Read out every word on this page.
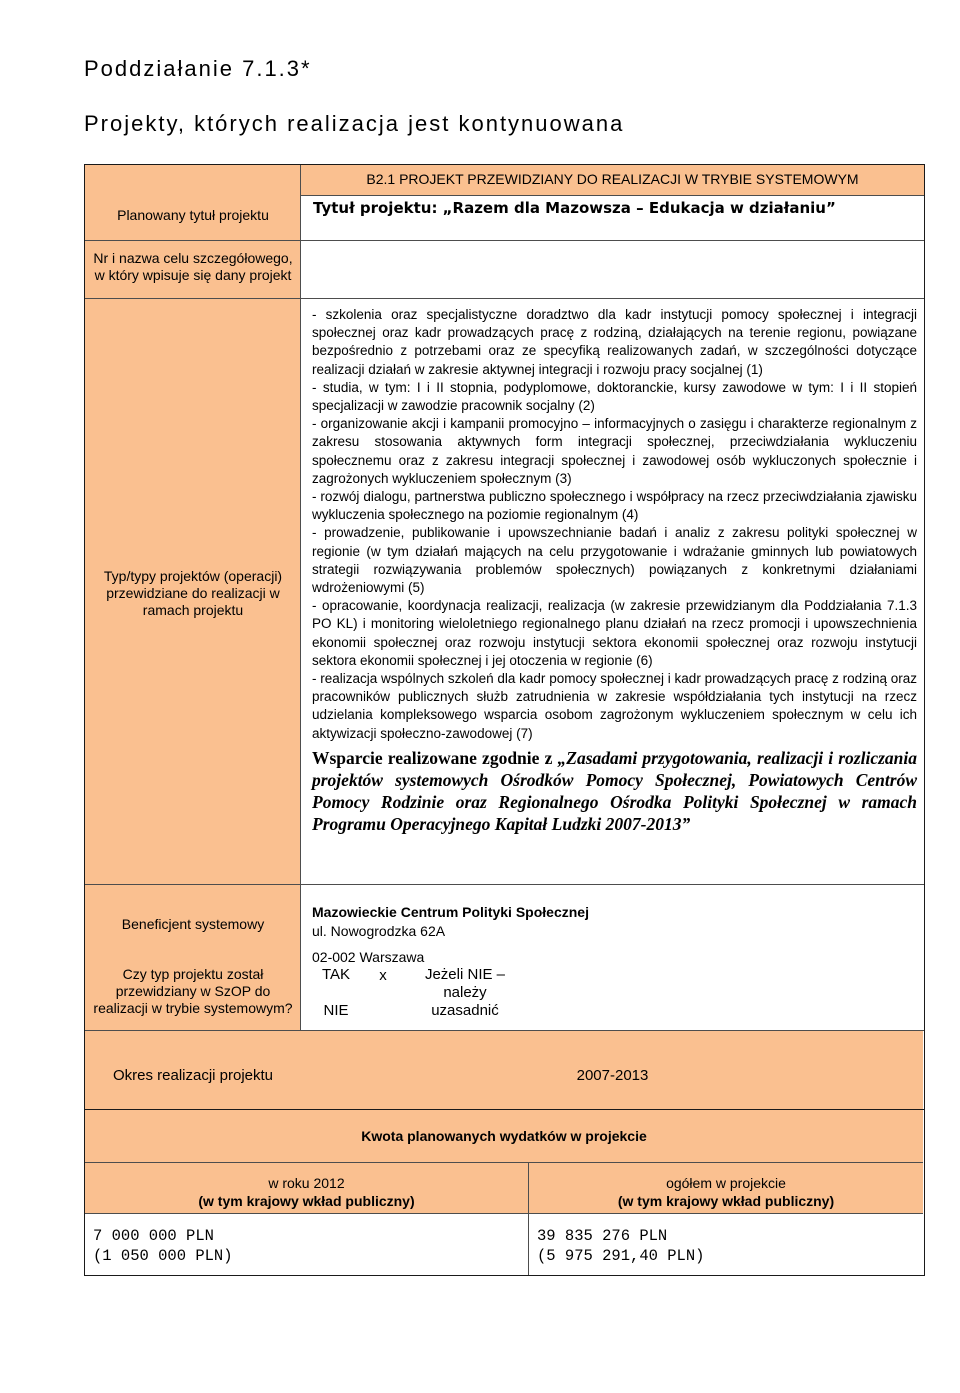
Poddziałanie 7.1.3*
Projekty, których realizacja jest kontynuowana
B2.1 PROJEKT PRZEWIDZIANY DO REALIZACJI W TRYBIE SYSTEMOWYM
Planowany tytuł projektu
Nr i nazwa celu szczegółowego, w który wpisuje się dany projekt
Typ/typy projektów (operacji) przewidziane do realizacji w ramach projektu
Beneficjent systemowy
Czy typ projektu został przewidziany w SzOP do realizacji w trybie systemowym?
Tytuł projektu: „Razem dla Mazowsza – Edukacja w działaniu”
- szkolenia oraz specjalistyczne doradztwo dla kadr instytucji pomocy społecznej i integracji społecznej oraz kadr prowadzących pracę z rodziną, działających na terenie regionu, powiązane bezpośrednio z potrzebami oraz ze specyfiką realizowanych zadań, w szczególności dotyczące realizacji działań w zakresie aktywnej integracji i rozwoju pracy socjalnej (1)
- studia, w tym: I i II stopnia, podyplomowe, doktoranckie, kursy zawodowe w tym: I i II stopień specjalizacji w zawodzie pracownik socjalny (2)
- organizowanie akcji i kampanii promocyjno – informacyjnych o zasięgu i charakterze regionalnym z zakresu stosowania aktywnych form integracji społecznej, przeciwdziałania wykluczeniu społecznemu oraz z zakresu integracji społecznej i zawodowej osób wykluczonych społecznie i zagrożonych wykluczeniem społecznym (3)
- rozwój dialogu, partnerstwa publiczno społecznego i współpracy na rzecz przeciwdziałania zjawisku wykluczenia społecznego na poziomie regionalnym (4)
- prowadzenie, publikowanie i upowszechnianie badań i analiz z zakresu polityki społecznej w regionie (w tym działań mających na celu przygotowanie i wdrażanie gminnych lub powiatowych strategii rozwiązywania problemów społecznych) powiązanych z konkretnymi działaniami wdrożeniowymi (5)
- opracowanie, koordynacja realizacji, realizacja (w zakresie przewidzianym dla Poddziałania 7.1.3 PO KL) i monitoring wieloletniego regionalnego planu działań na rzecz promocji i upowszechnienia ekonomii społecznej oraz rozwoju instytucji sektora ekonomii społecznej oraz rozwoju instytucji sektora ekonomii społecznej i jej otoczenia w regionie (6)
- realizacja wspólnych szkoleń dla kadr pomocy społecznej i kadr prowadzących pracę z rodziną oraz pracowników publicznych służb zatrudnienia w zakresie współdziałania tych instytucji na rzecz udzielania kompleksowego wsparcia osobom zagrożonym wykluczeniem społecznym w celu ich aktywizacji społeczno-zawodowej (7)
Wsparcie realizowane zgodnie z „Zasadami przygotowania, realizacji i rozliczania projektów systemowych Ośrodków Pomocy Społecznej, Powiatowych Centrów Pomocy Rodzinie oraz Regionalnego Ośrodka Polityki Społecznej w ramach Programu Operacyjnego Kapitał Ludzki 2007-2013”
Mazowieckie Centrum Polityki Społecznej
ul. Nowogrodzka 62A
02-002 Warszawa
TAK	x
NIE
Jeżeli NIE – należy uzasadnić
Okres realizacji projektu	2007-2013
Kwota planowanych wydatków w projekcie
w roku 2012
(w tym krajowy wkład publiczny)
ogółem w projekcie
(w tym krajowy wkład publiczny)
7 000 000 PLN
(1 050 000 PLN)
39 835 276 PLN
(5 975 291,40 PLN)
